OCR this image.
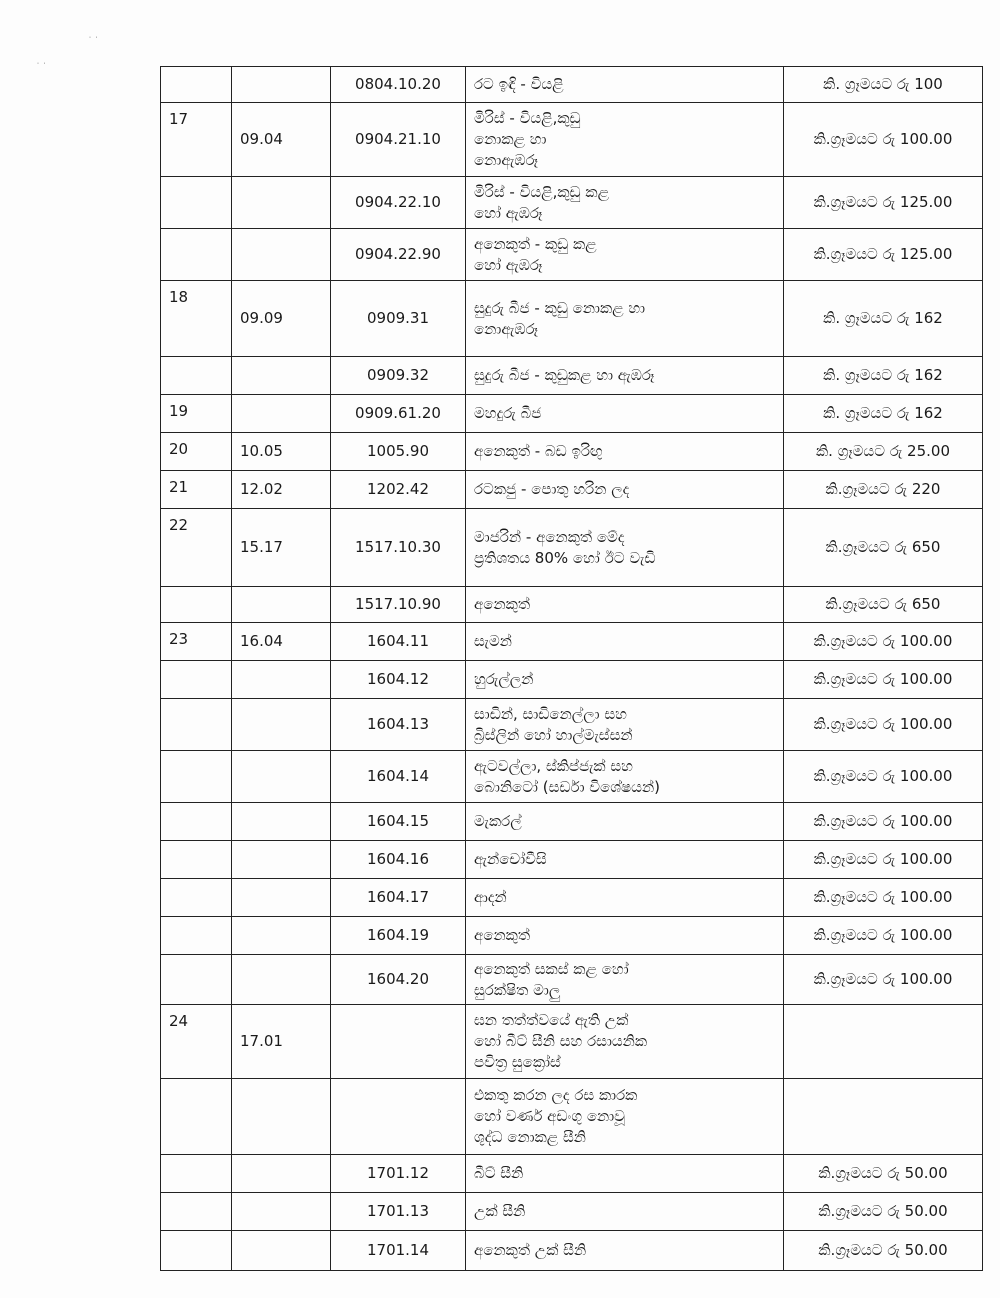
˙ ˙
˙ ˙
		0804.10.20	රට ඉඳි - වියළි	කි. ග්‍රෑමයට රු 100
17	09.04	0904.21.10	මිරිස් - වියළි,කුඩු
නොකළ හා
නොඇඹරූ	කි.ග්‍රෑමයට රු 100.00
		0904.22.10	මිරිස් - වියළි,කුඩු කළ
හෝ ඇඹරූ	කි.ග්‍රෑමයට රු 125.00
		0904.22.90	අනෙකුත් - කුඩු කළ
හෝ ඇඹරූ	කි.ග්‍රෑමයට රු 125.00
18	09.09	0909.31	සුදුරු බීජ - කුඩු නොකළ හා
නොඇඹරූ	කි. ග්‍රෑමයට රු 162
		0909.32	සුදුරු බීජ - කුඩුකළ හා ඇඹරූ	කි. ග්‍රෑමයට රු 162
19		0909.61.20	මහදුරු බීජ	කි. ග්‍රෑමයට රු 162
20	10.05	1005.90	අනෙකුත් - බඩ ඉරිඟු	කි. ග්‍රෑමයට රු 25.00
21	12.02	1202.42	රටකජු - පොතු හරින ලද	කි.ග්‍රෑමයට රු 220
22	15.17	1517.10.30	මාජරින් - අනෙකුත් මේද
ප්‍රතිශතය 80% හෝ ඊට වැඩි	කි.ග්‍රෑමයට රු 650
		1517.10.90	අනෙකුත්	කි.ග්‍රෑමයට රු 650
23	16.04	1604.11	සැමන්	කි.ග්‍රෑමයට රු 100.00
		1604.12	හුරුල්ලන්	කි.ග්‍රෑමයට රු 100.00
		1604.13	සාඩින්, සාඩිනෙල්ලා සහ
බ්‍රිස්ලින් හෝ හාල්මැස්සන්	කි.ග්‍රෑමයට රු 100.00
		1604.14	ඇටවල්ලා, ස්කිප්ජැක් සහ
බොනිටෝ (සර්ඩා විශේෂයන්)	කි.ග්‍රෑමයට රු 100.00
		1604.15	මැකරල්	කි.ග්‍රෑමයට රු 100.00
		1604.16	ඇන්චෝවීසි	කි.ග්‍රෑමයට රු 100.00
		1604.17	ආදන්	කි.ග්‍රෑමයට රු 100.00
		1604.19	අනෙකුත්	කි.ග්‍රෑමයට රු 100.00
		1604.20	අනෙකුත් සකස් කළ හෝ
සුරක්ෂිත මාලු	කි.ග්‍රෑමයට රු 100.00
24	17.01		ඝන තත්ත්වයේ ඇති උක්
හෝ බීට් සීනි සහ රසායනික
පවිත්‍ර සුක්‍රෝස්	

			එකතු කරන ලද රස කාරක
හෝ වර්ණ අඩංගු නොවූ
ශුද්ධ නොකළ සීනි	

		1701.12	බීට් සීනි	කි.ග්‍රෑමයට රු 50.00
		1701.13	උක් සීනි	කි.ග්‍රෑමයට රු 50.00
		1701.14	අනෙකුත් උක් සීනි	කි.ග්‍රෑමයට රු 50.00
